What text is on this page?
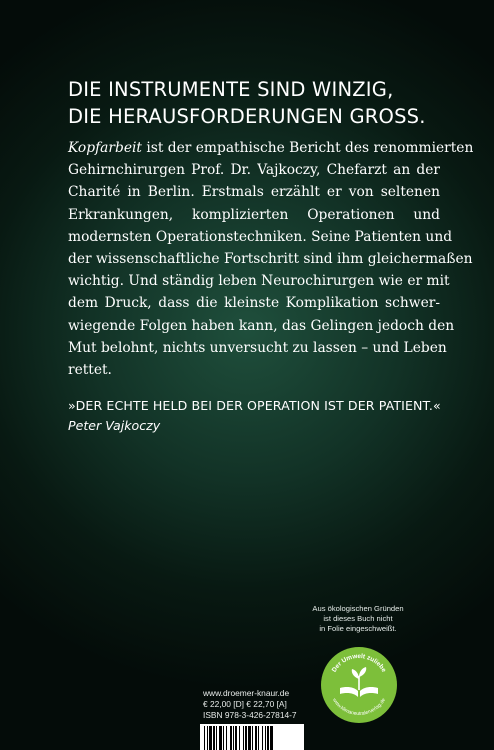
DIE INSTRUMENTE SIND WINZIG,
DIE HERAUSFORDERUNGEN GROSS.
Kopfarbeit ist der empathische Bericht des renommierten
Gehirnchirurgen Prof. Dr. Vajkoczy, Chefarzt an der
Charité in Berlin. Erstmals erzählt er von seltenen
Erkrankungen, komplizierten Operationen und
modernsten Operationstechniken. Seine Patienten und
der wissenschaftliche Fortschritt sind ihm gleichermaßen
wichtig. Und ständig leben Neurochirurgen wie er mit
dem Druck, dass die kleinste Komplikation schwer-
wiegende Folgen haben kann, das Gelingen jedoch den
Mut belohnt, nichts unversucht zu lassen – und Leben
rettet.
»DER ECHTE HELD BEI DER OPERATION IST DER PATIENT.«
Peter Vajkoczy
Aus ökologischen Gründen
ist dieses Buch nicht
in Folie eingeschweißt.
Der Umwelt zuliebe
www.klimaneutralerverlag.de
www.droemer-knaur.de
€ 22,00 [D] € 22,70 [A]
ISBN 978-3-426-27814-7
